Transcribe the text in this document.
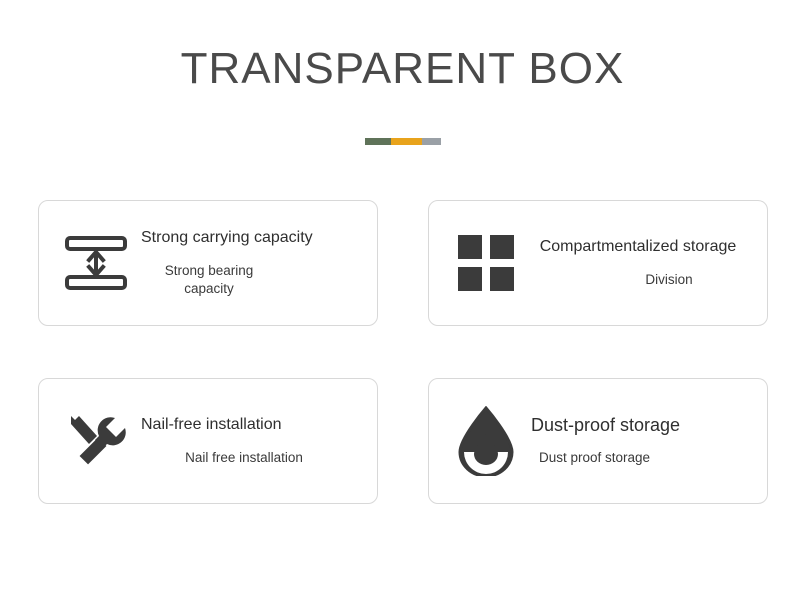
TRANSPARENT BOX
Strong carrying capacity
Strong bearing capacity
Compartmentalized storage
Division
Nail-free installation
Nail free installation
Dust-proof storage
Dust proof storage
